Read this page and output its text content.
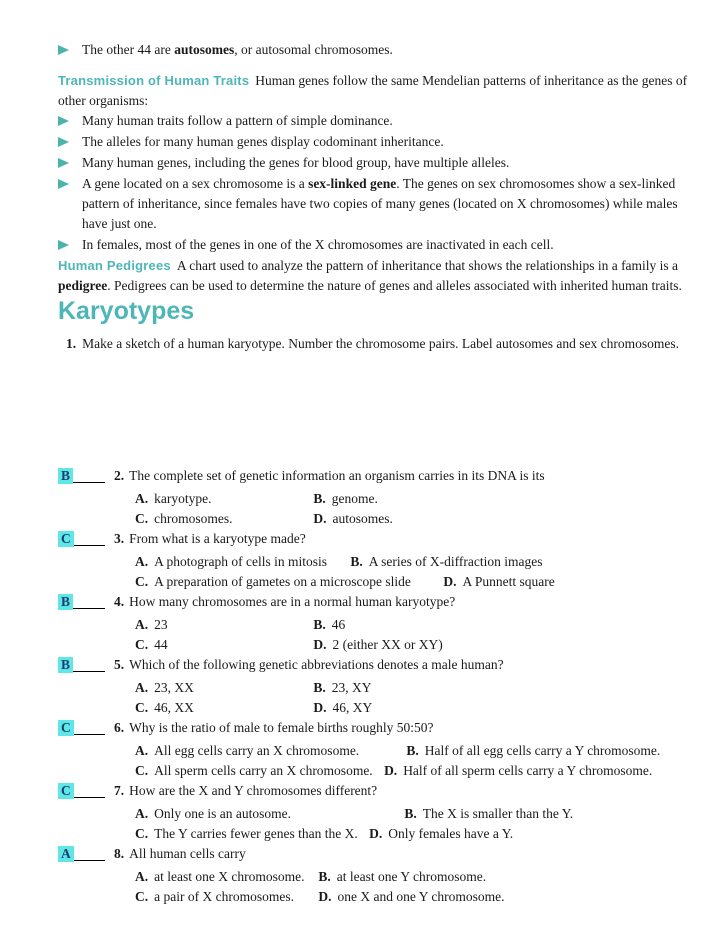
The other 44 are autosomes, or autosomal chromosomes.

Transmission of Human Traits Human genes follow the same Mendelian patterns of inheritance as the genes of other organisms:

Many human traits follow a pattern of simple dominance.

The alleles for many human genes display codominant inheritance.

Many human genes, including the genes for blood group, have multiple alleles.

A gene located on a sex chromosome is a sex-linked gene. The genes on sex chromosomes show a sex-linked pattern of inheritance, since females have two copies of many genes (located on X chromosomes) while males have just one.

In females, most of the genes in one of the X chromosomes are inactivated in each cell.

Human Pedigrees A chart used to analyze the pattern of inheritance that shows the relationships in a family is a pedigree. Pedigrees can be used to determine the nature of genes and alleles associated with inherited human traits.

Karyotypes
1. Make a sketch of a human karyotype. Number the chromosome pairs. Label autosomes and sex chromosomes.
B	2. The complete set of genetic information an organism carries in its DNA is its
A. karyotype.	B. genome.
C. chromosomes.	D. autosomes.
C	3. From what is a karyotype made?
A. A photograph of cells in mitosis B. A series of X-diffraction images
C. A preparation of gametes on a microscope slide D. A Punnett square
B	4. How many chromosomes are in a normal human karyotype?
A. 23	B. 46
C. 44	D. 2 (either XX or XY)
B	5. Which of the following genetic abbreviations denotes a male human?
A. 23, XX	B. 23, XY
C. 46, XX	D. 46, XY
C	6. Why is the ratio of male to female births roughly 50:50?
A. All egg cells carry an X chromosome.	B. Half of all egg cells carry a Y chromosome.
C. All sperm cells carry an X chromosome. D. Half of all sperm cells carry a Y chromosome.
C	7. How are the X and Y chromosomes different?
A. Only one is an autosome.	B. The X is smaller than the Y.
C. The Y carries fewer genes than the X. D. Only females have a Y.
A	8. All human cells carry
A. at least one X chromosome. B. at least one Y chromosome.
C. a pair of X chromosomes. D. one X and one Y chromosome.
